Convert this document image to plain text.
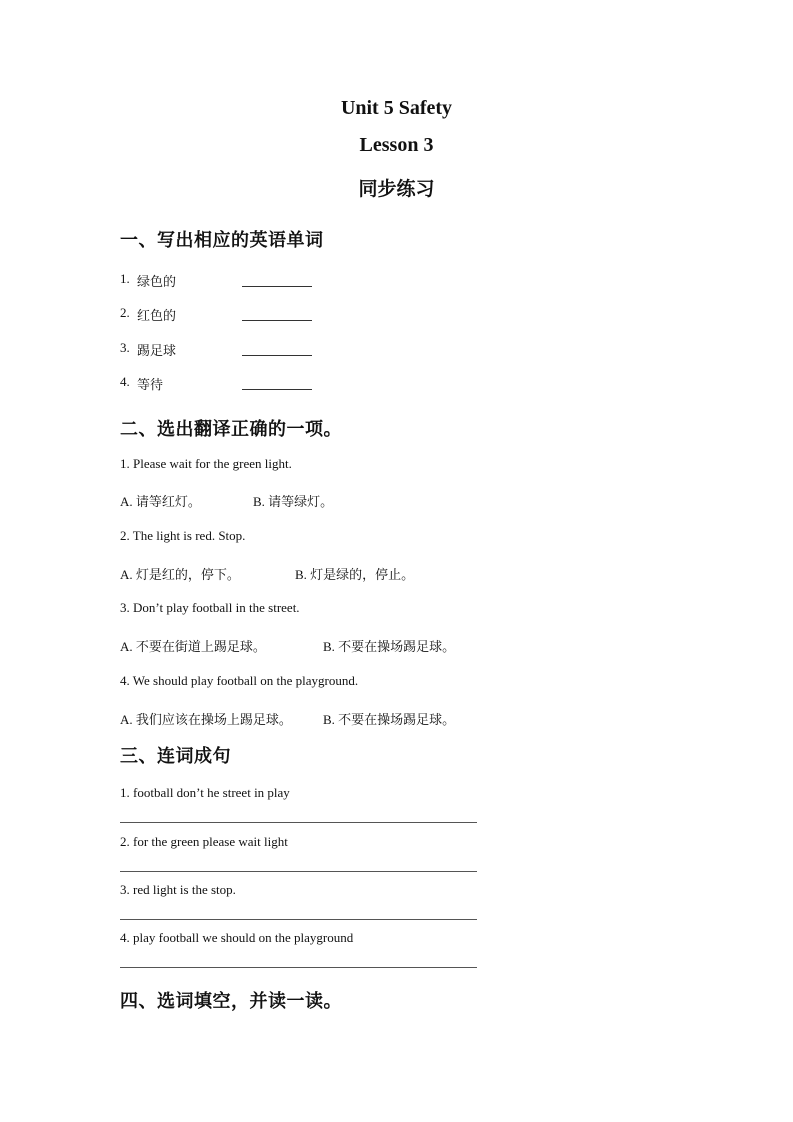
Unit 5 Safety
Lesson 3
同步练习
一、写出相应的英语单词
1. 绿色的
2. 红色的
3. 踢足球
4. 等待
二、选出翻译正确的一项。
1. Please wait for the green light.
A. 请等红灯。	B. 请等绿灯。
2. The light is red. Stop.
A. 灯是红的，停下。	B. 灯是绿的，停止。
3. Don’t play football in the street.
A. 不要在街道上踢足球。	B. 不要在操场踢足球。
4. We should play football on the playground.
A. 我们应该在操场上踢足球。 B. 不要在操场踢足球。
三、连词成句
1. football don’t he street in play
2. for the green please wait light
3. red light is the stop.
4. play football we should on the playground
四、选词填空，并读一读。
